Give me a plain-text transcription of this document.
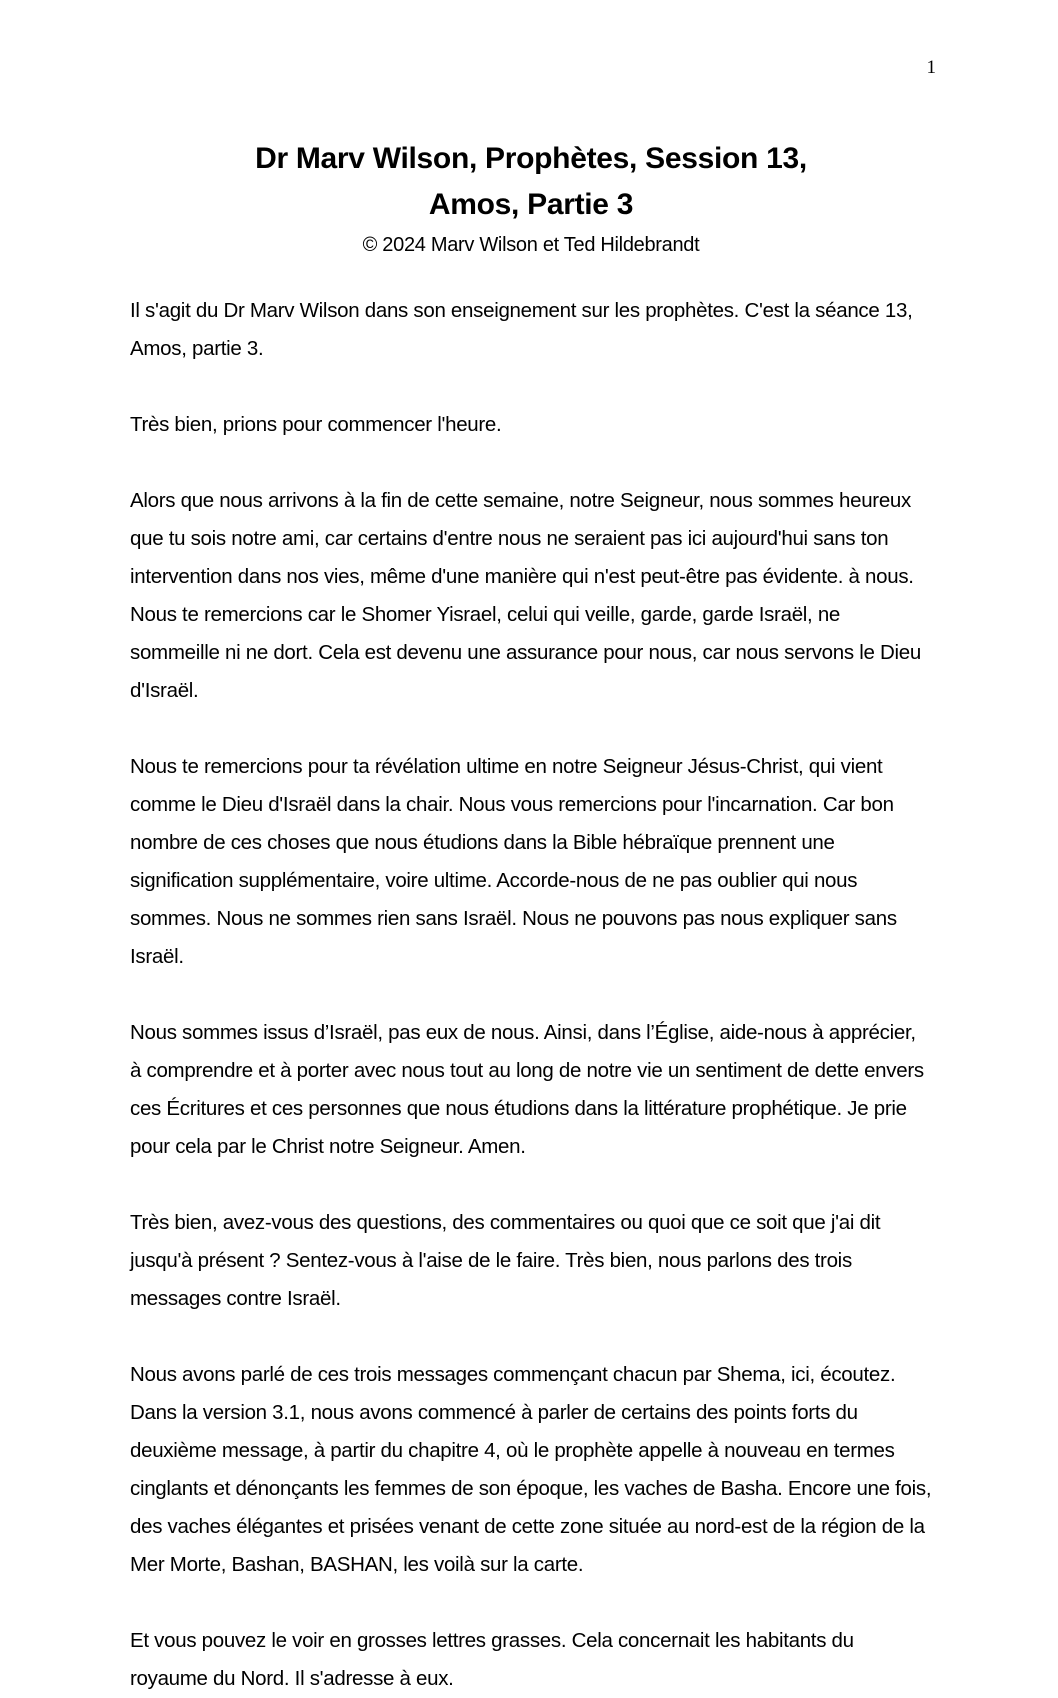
1
Dr Marv Wilson, Prophètes, Session 13,
Amos, Partie 3
© 2024 Marv Wilson et Ted Hildebrandt

Il s'agit du Dr Marv Wilson dans son enseignement sur les prophètes. C'est la séance 13, Amos, partie 3.

Très bien, prions pour commencer l'heure.

Alors que nous arrivons à la fin de cette semaine, notre Seigneur, nous sommes heureux que tu sois notre ami, car certains d'entre nous ne seraient pas ici aujourd'hui sans ton intervention dans nos vies, même d'une manière qui n'est peut-être pas évidente. à nous. Nous te remercions car le Shomer Yisrael, celui qui veille, garde, garde Israël, ne sommeille ni ne dort. Cela est devenu une assurance pour nous, car nous servons le Dieu d'Israël.

Nous te remercions pour ta révélation ultime en notre Seigneur Jésus-Christ, qui vient comme le Dieu d'Israël dans la chair. Nous vous remercions pour l'incarnation. Car bon nombre de ces choses que nous étudions dans la Bible hébraïque prennent une signification supplémentaire, voire ultime. Accorde-nous de ne pas oublier qui nous sommes. Nous ne sommes rien sans Israël. Nous ne pouvons pas nous expliquer sans Israël.

Nous sommes issus d’Israël, pas eux de nous. Ainsi, dans l’Église, aide-nous à apprécier, à comprendre et à porter avec nous tout au long de notre vie un sentiment de dette envers ces Écritures et ces personnes que nous étudions dans la littérature prophétique. Je prie pour cela par le Christ notre Seigneur. Amen.

Très bien, avez-vous des questions, des commentaires ou quoi que ce soit que j'ai dit jusqu'à présent ? Sentez-vous à l'aise de le faire. Très bien, nous parlons des trois messages contre Israël.

Nous avons parlé de ces trois messages commençant chacun par Shema, ici, écoutez. Dans la version 3.1, nous avons commencé à parler de certains des points forts du deuxième message, à partir du chapitre 4, où le prophète appelle à nouveau en termes cinglants et dénonçants les femmes de son époque, les vaches de Basha. Encore une fois, des vaches élégantes et prisées venant de cette zone située au nord-est de la région de la Mer Morte, Bashan, BASHAN, les voilà sur la carte.

Et vous pouvez le voir en grosses lettres grasses. Cela concernait les habitants du royaume du Nord. Il s'adresse à eux.
